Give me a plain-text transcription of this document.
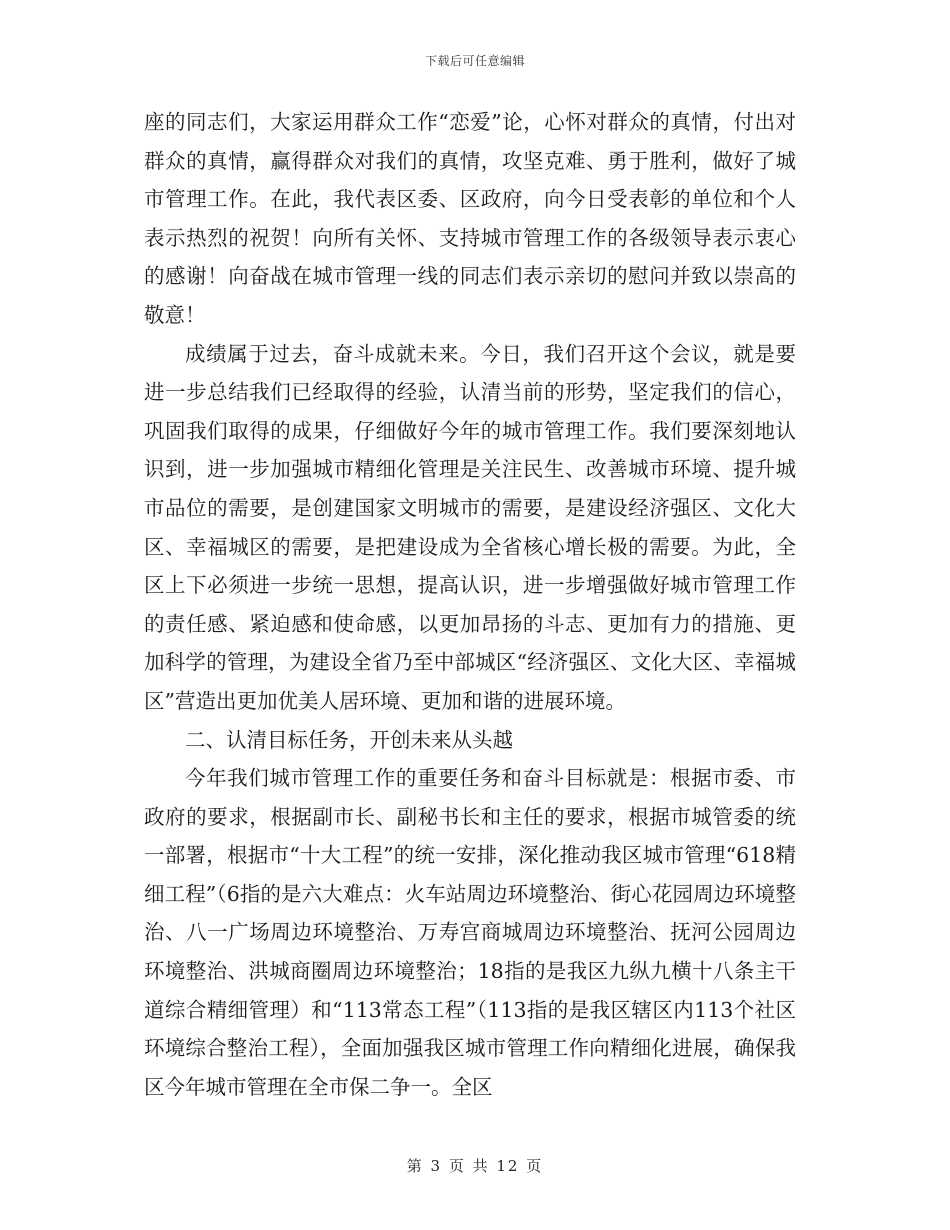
下载后可任意编辑

座的同志们，大家运用群众工作“恋爱”论，心怀对群众的真情，付出对群众的真情，赢得群众对我们的真情，攻坚克难、勇于胜利，做好了城市管理工作。在此，我代表区委、区政府，向今日受表彰的单位和个人表示热烈的祝贺！向所有关怀、支持城市管理工作的各级领导表示衷心的感谢！向奋战在城市管理一线的同志们表示亲切的慰问并致以崇高的敬意！

成绩属于过去，奋斗成就未来。今日，我们召开这个会议，就是要进一步总结我们已经取得的经验，认清当前的形势，坚定我们的信心，巩固我们取得的成果，仔细做好今年的城市管理工作。我们要深刻地认识到，进一步加强城市精细化管理是关注民生、改善城市环境、提升城市品位的需要，是创建国家文明城市的需要，是建设经济强区、文化大区、幸福城区的需要，是把建设成为全省核心增长极的需要。为此，全区上下必须进一步统一思想，提高认识，进一步增强做好城市管理工作的责任感、紧迫感和使命感，以更加昂扬的斗志、更加有力的措施、更加科学的管理，为建设全省乃至中部城区“经济强区、文化大区、幸福城区”营造出更加优美人居环境、更加和谐的进展环境。

二、认清目标任务，开创未来从头越

今年我们城市管理工作的重要任务和奋斗目标就是：根据市委、市政府的要求，根据副市长、副秘书长和主任的要求，根据市城管委的统一部署，根据市“十大工程”的统一安排，深化推动我区城市管理“618精细工程”（6指的是六大难点：火车站周边环境整治、街心花园周边环境整治、八一广场周边环境整治、万寿宫商城周边环境整治、抚河公园周边环境整治、洪城商圈周边环境整治；18指的是我区九纵九横十八条主干道综合精细管理）和“113常态工程”（113指的是我区辖区内113个社区环境综合整治工程），全面加强我区城市管理工作向精细化进展，确保我区今年城市管理在全市保二争一。全区

第 3 页 共 12 页
